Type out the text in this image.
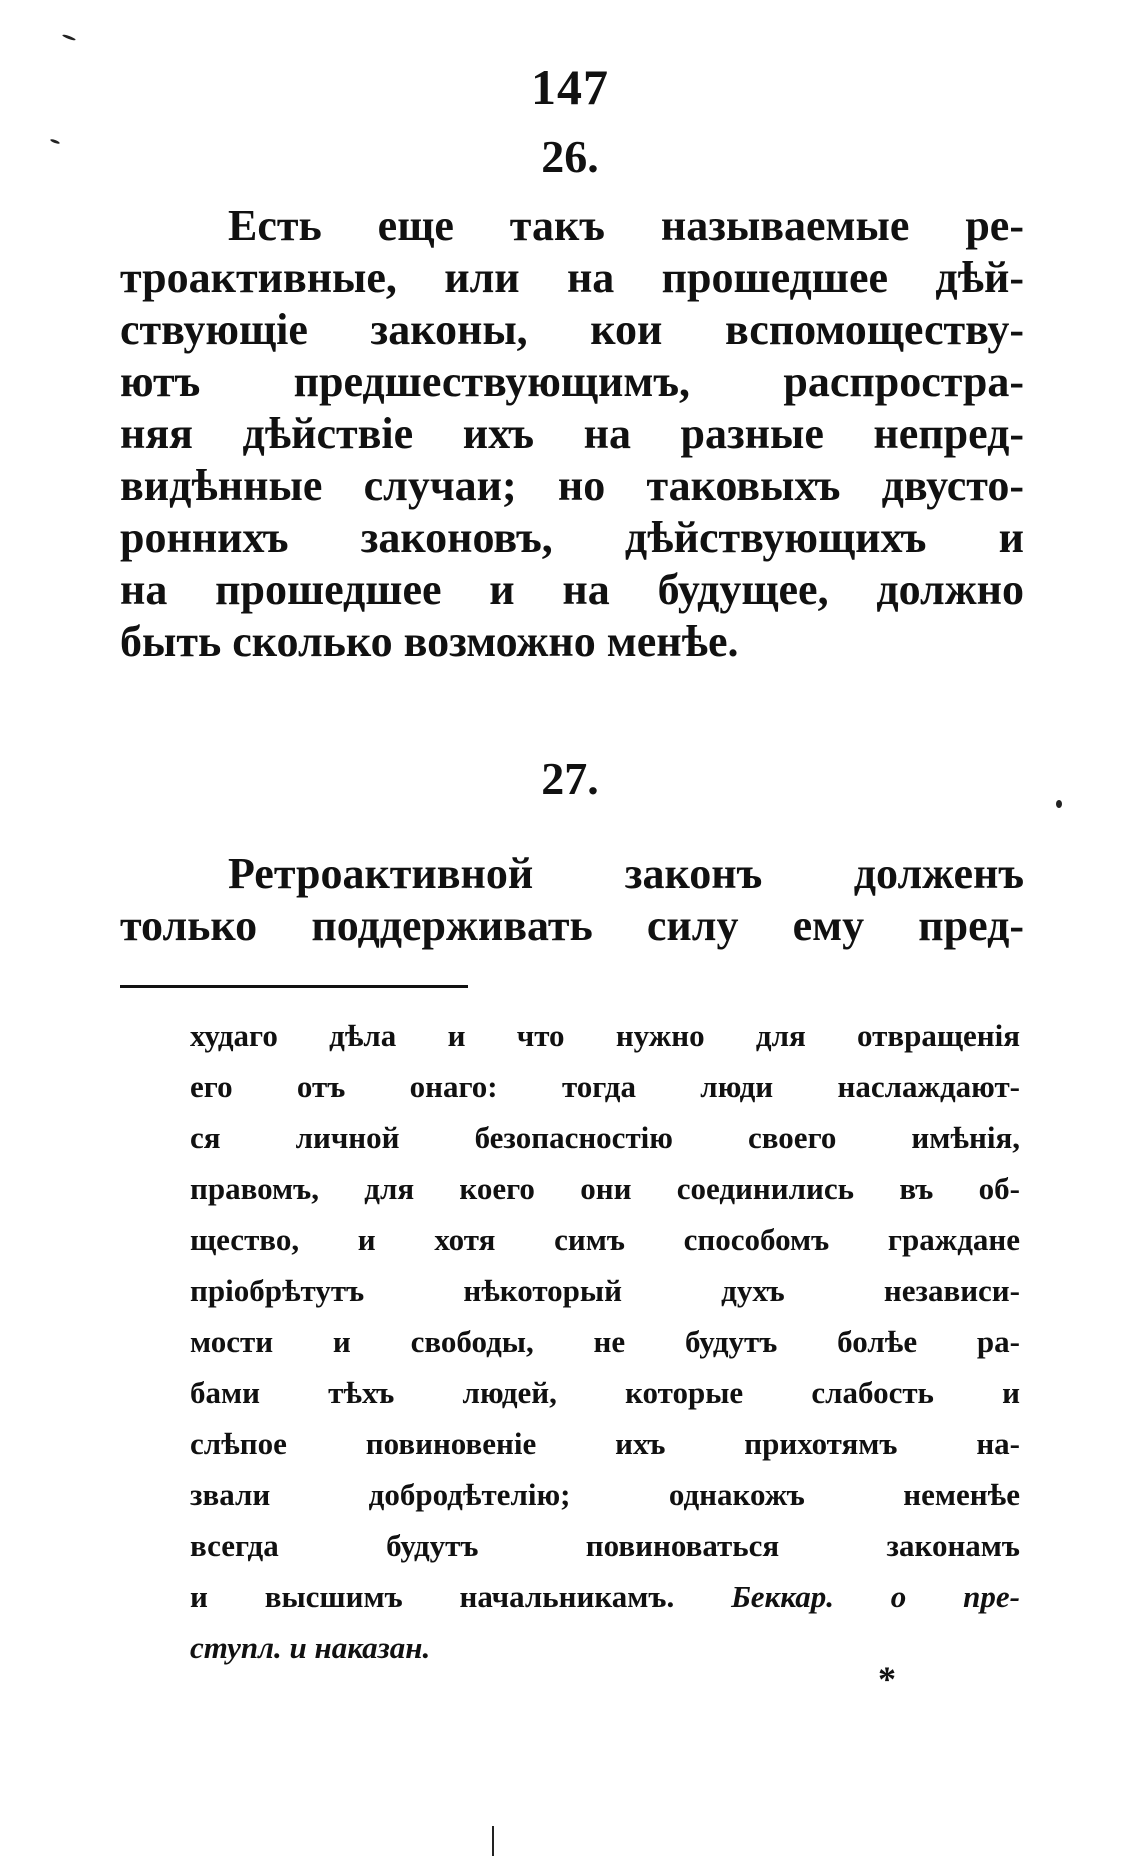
147
26.
Есть еще такъ называемые ре-
троактивные, или на прошедшее дѣй-
ствующіе законы, кои вспомоществу-
ютъ предшествующимъ, распростра-
няя дѣйствіе ихъ на разные непред-
видѣнные случаи; но таковыхъ двусто-
роннихъ законовъ, дѣйствующихъ и
на прошедшее и на будущее, должно
быть сколько возможно менѣе.
27.
Ретроактивной законъ долженъ
только поддерживать силу ему пред-
худаго дѣла и что нужно для отвращенія
его отъ онаго: тогда люди наслаждают-
ся личной безопасностію своего имѣнія,
правомъ, для коего они соединились въ об-
щество, и хотя симъ способомъ граждане
пріобрѣтутъ нѣкоторый духъ независи-
мости и свободы, не будутъ болѣе ра-
бами тѣхъ людей, которые слабость и
слѣпое повиновеніе ихъ прихотямъ на-
звали добродѣтелію; однакожъ неменѣе
всегда будутъ повиноваться законамъ
и высшимъ начальникамъ. Беккар. о пре-
ступл. и наказан.
*
